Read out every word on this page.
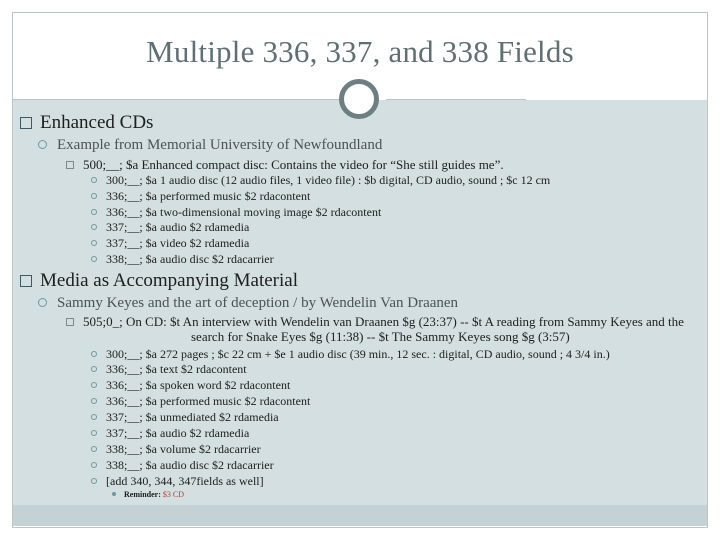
Multiple 336, 337, and 338 Fields
Enhanced CDs
Example from Memorial University of Newfoundland
500;__; $a Enhanced compact disc: Contains the video for “She still guides me”.
300;__; $a 1 audio disc (12 audio files, 1 video file) : $b digital, CD audio, sound ; $c 12 cm
336;__; $a performed music $2 rdacontent
336;__; $a two-dimensional moving image $2 rdacontent
337;__; $a audio $2 rdamedia
337;__; $a video $2 rdamedia
338;__; $a audio disc $2 rdacarrier
Media as Accompanying Material
Sammy Keyes and the art of deception / by Wendelin Van Draanen
505;0_; On CD: $t An interview with Wendelin van Draanen $g (23:37) -- $t A reading from Sammy Keyes and the
search for Snake Eyes $g (11:38) -- $t The Sammy Keyes song $g (3:57)
300;__; $a 272 pages ; $c 22 cm + $e 1 audio disc (39 min., 12 sec. : digital, CD audio, sound ; 4 3/4 in.)
336;__; $a text $2 rdacontent
336;__; $a spoken word $2 rdacontent
336;__; $a performed music $2 rdacontent
337;__; $a unmediated $2 rdamedia
337;__; $a audio $2 rdamedia
338;__; $a volume $2 rdacarrier
338;__; $a audio disc $2 rdacarrier
[add 340, 344, 347fields as well]
Reminder: $3 CD
